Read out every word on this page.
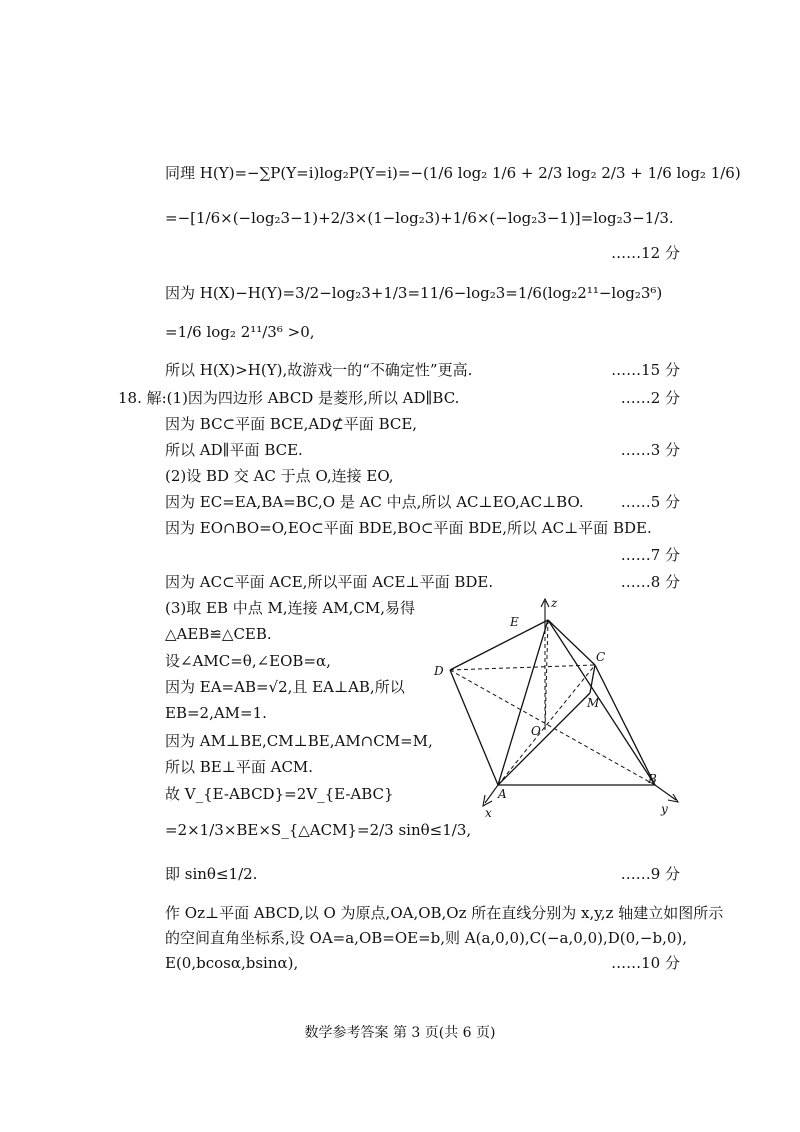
同理 H(Y)=−∑P(Y=i)log₂P(Y=i)=−(1/6 log₂ 1/6 + 2/3 log₂ 2/3 + 1/6 log₂ 1/6)
=−[1/6×(−log₂3−1)+2/3×(1−log₂3)+1/6×(−log₂3−1)]=log₂3−1/3.
……12 分
因为 H(X)−H(Y)=3/2−log₂3+1/3=11/6−log₂3=1/6(log₂2¹¹−log₂3⁶)
=1/6 log₂ 2¹¹/3⁶ >0,
所以 H(X)>H(Y),故游戏一的“不确定性”更高.	……15 分
18. 解:(1)因为四边形 ABCD 是菱形,所以 AD∥BC.	……2 分
因为 BC⊂平面 BCE,AD⊄平面 BCE,
所以 AD∥平面 BCE.	……3 分
(2)设 BD 交 AC 于点 O,连接 EO,
因为 EC=EA,BA=BC,O 是 AC 中点,所以 AC⊥EO,AC⊥BO. ……5 分
因为 EO∩BO=O,EO⊂平面 BDE,BO⊂平面 BDE,所以 AC⊥平面 BDE.
……7 分
因为 AC⊂平面 ACE,所以平面 ACE⊥平面 BDE.	……8 分
(3)取 EB 中点 M,连接 AM,CM,易得
△AEB≌△CEB.
设∠AMC=θ,∠EOB=α,
因为 EA=AB=√2,且 EA⊥AB,所以
EB=2,AM=1.
因为 AM⊥BE,CM⊥BE,AM∩CM=M,
所以 BE⊥平面 ACM.
故 V_{E-ABCD}=2V_{E-ABC}
=2×1/3×BE×S_{△ACM}=2/3 sinθ≤1/3,
即 sinθ≤1/2.	……9 分
作 Oz⊥平面 ABCD,以 O 为原点,OA,OB,Oz 所在直线分别为 x,y,z 轴建立如图所示
的空间直角坐标系,设 OA=a,OB=OE=b,则 A(a,0,0),C(−a,0,0),D(0,−b,0),
E(0,bcosα,bsinα),	……10 分
E
D
C
M
O
A
B
x	y
z
数学参考答案 第 3 页(共 6 页)
